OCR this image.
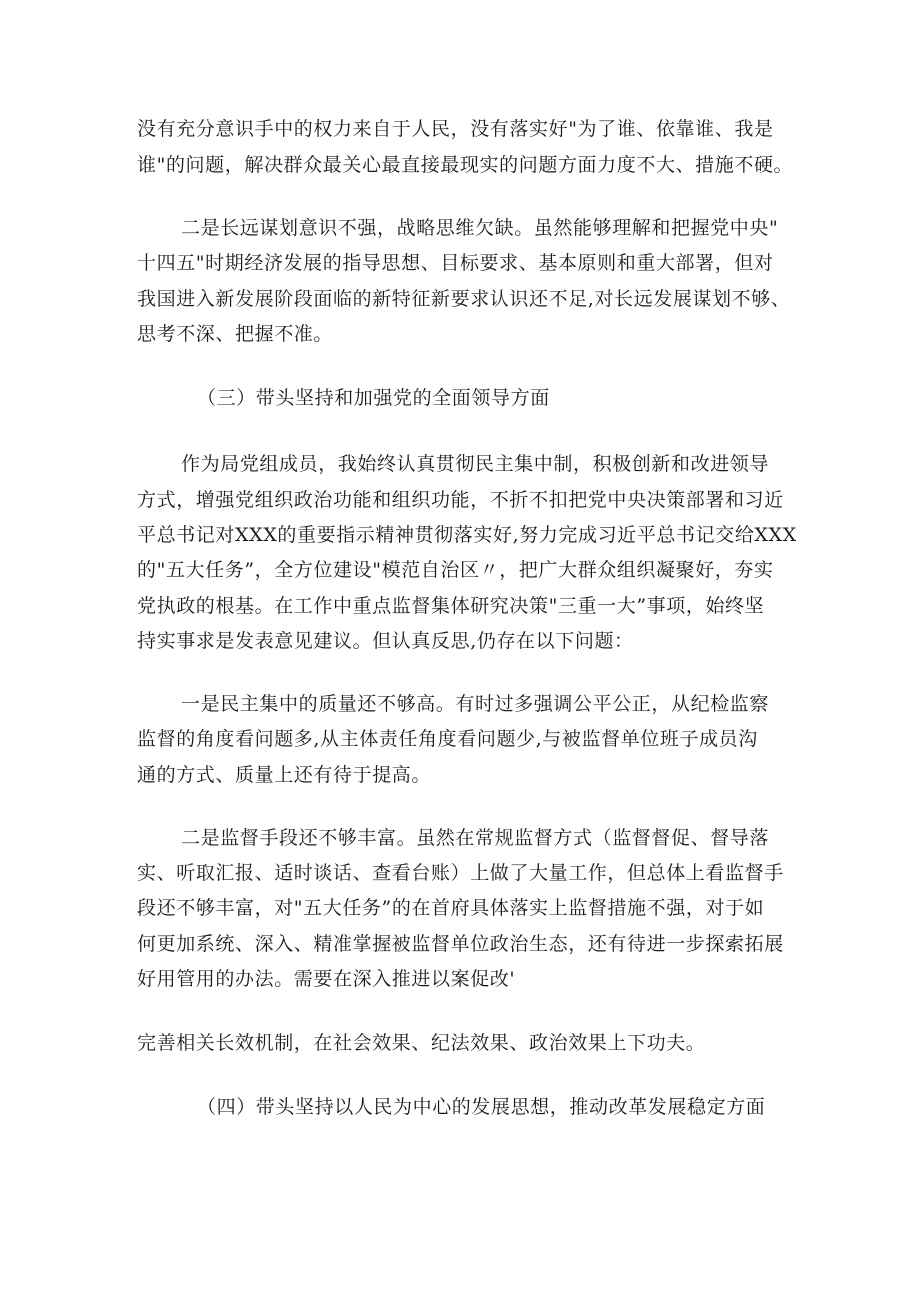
没有充分意识手中的权力来自于人民，没有落实好"为了谁、依靠谁、我是
谁"的问题，解决群众最关心最直接最现实的问题方面力度不大、措施不硬。
二是长远谋划意识不强，战略思维欠缺。虽然能够理解和把握党中央"
十四五"时期经济发展的指导思想、目标要求、基本原则和重大部署，但对
我国进入新发展阶段面临的新特征新要求认识还不足,对长远发展谋划不够、
思考不深、把握不准。
（三）带头坚持和加强党的全面领导方面
作为局党组成员，我始终认真贯彻民主集中制，积极创新和改进领导
方式，增强党组织政治功能和组织功能，不折不扣把党中央决策部署和习近
平总书记对XXX的重要指示精神贯彻落实好,努力完成习近平总书记交给XXX
的"五大任务”，全方位建设"模范自治区〃，把广大群众组织凝聚好，夯实
党执政的根基。在工作中重点监督集体研究决策"三重一大”事项，始终坚
持实事求是发表意见建议。但认真反思,仍存在以下问题：
一是民主集中的质量还不够高。有时过多强调公平公正，从纪检监察
监督的角度看问题多,从主体责任角度看问题少,与被监督单位班子成员沟
通的方式、质量上还有待于提高。
二是监督手段还不够丰富。虽然在常规监督方式（监督督促、督导落
实、听取汇报、适时谈话、查看台账）上做了大量工作，但总体上看监督手
段还不够丰富，对"五大任务”的在首府具体落实上监督措施不强，对于如
何更加系统、深入、精准掌握被监督单位政治生态，还有待进一步探索拓展
好用管用的办法。需要在深入推进以案促改'
完善相关长效机制，在社会效果、纪法效果、政治效果上下功夫。
（四）带头坚持以人民为中心的发展思想，推动改革发展稳定方面
